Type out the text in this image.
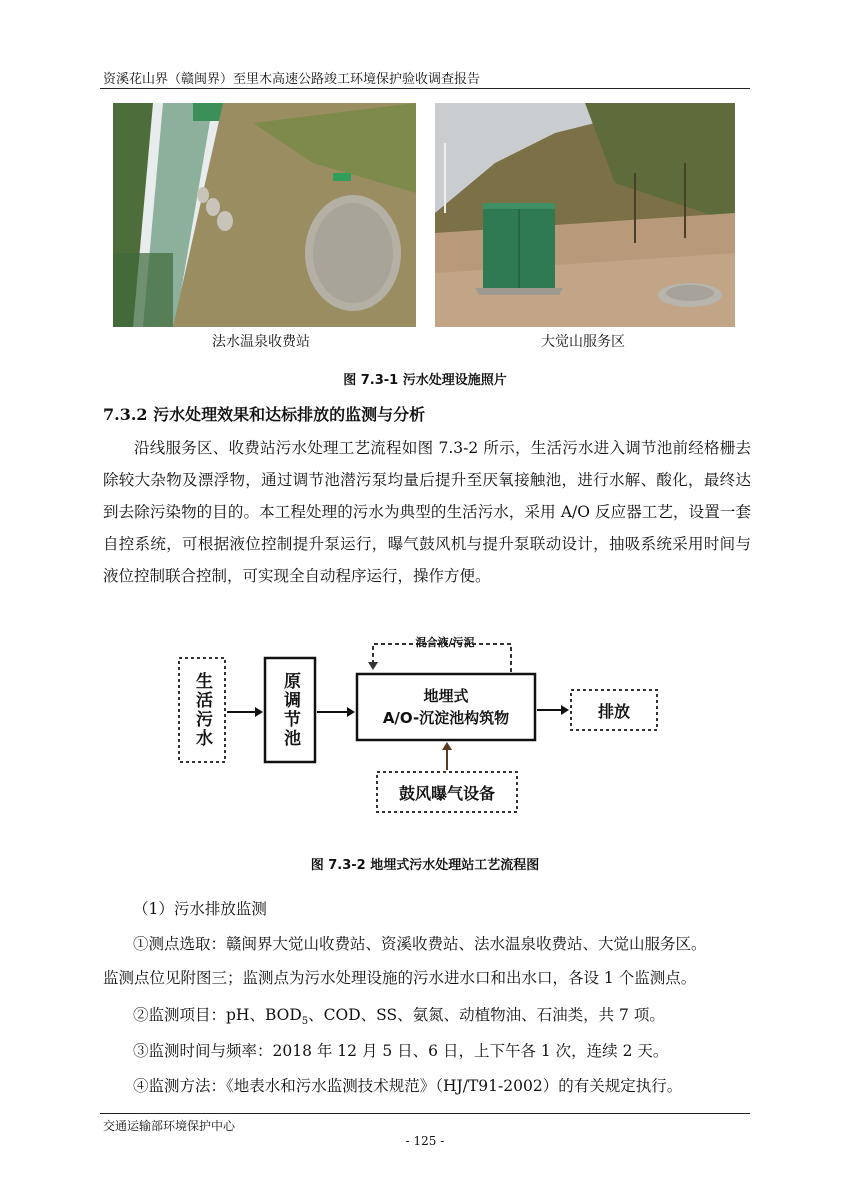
资溪花山界（赣闽界）至里木高速公路竣工环境保护验收调查报告
法水温泉收费站	大觉山服务区
图 7.3-1 污水处理设施照片
7.3.2 污水处理效果和达标排放的监测与分析

沿线服务区、收费站污水处理工艺流程如图 7.3-2 所示，生活污水进入调节池前经格栅去除较大杂物及漂浮物，通过调节池潜污泵均量后提升至厌氧接触池，进行水解、酸化，最终达到去除污染物的目的。本工程处理的污水为典型的生活污水，采用 A/O 反应器工艺，设置一套自控系统，可根据液位控制提升泵运行，曝气鼓风机与提升泵联动设计，抽吸系统采用时间与液位控制联合控制，可实现全自动程序运行，操作方便。

生活污水	原调节池	地埋式
A/O-沉淀池构筑物	排放
鼓风曝气设备
混合液/污泥
图 7.3-2 地埋式污水处理站工艺流程图
（1）污水排放监测
①测点选取：赣闽界大觉山收费站、资溪收费站、法水温泉收费站、大觉山服务区。
监测点位见附图三；监测点为污水处理设施的污水进水口和出水口，各设 1 个监测点。
②监测项目：pH、$BOD_5$、COD、SS、氨氮、动植物油、石油类，共 7 项。
③监测时间与频率：2018 年 12 月 5 日、6 日，上下午各 1 次，连续 2 天。
④监测方法：《地表水和污水监测技术规范》（HJ/T91-2002）的有关规定执行。
交通运输部环境保护中心
- 125 -
